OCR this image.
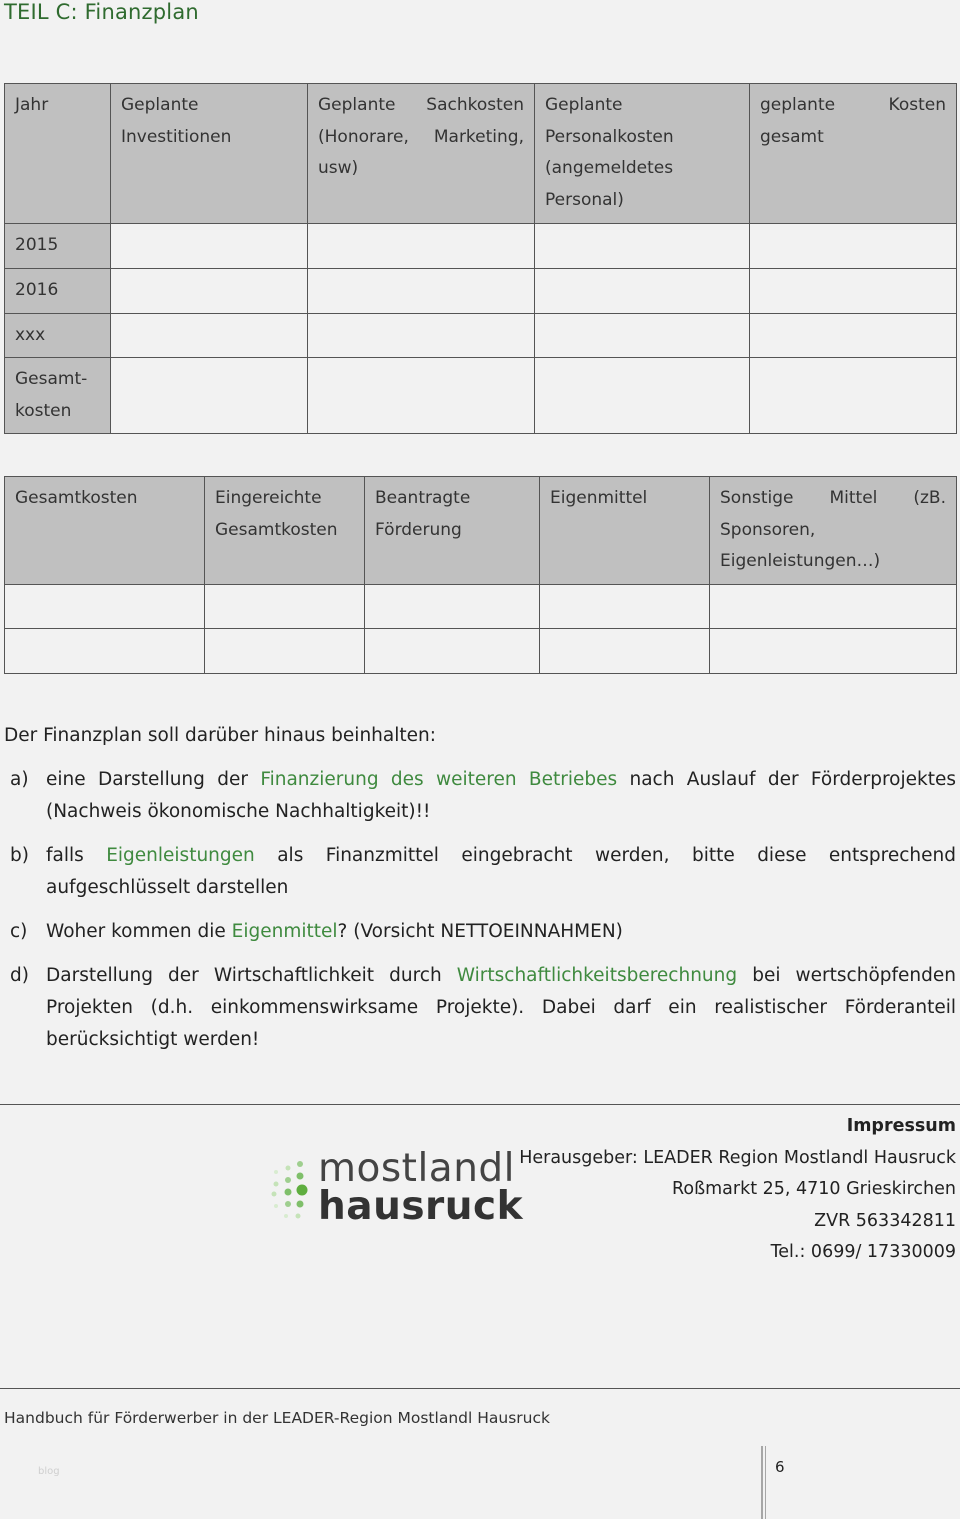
TEIL C: Finanzplan
Jahr	Geplante Investitionen	Geplante Sachkosten (Honorare, Marketing, usw)	Geplante Personalkosten (angemeldetes Personal)	geplante Kosten gesamt
2015				
2016				
xxx				
Gesamt-
kosten				
Gesamtkosten	Eingereichte Gesamtkosten	Beantragte Förderung	Eigenmittel	Sonstige Mittel (zB. Sponsoren, Eigenleistungen…)

Der Finanzplan soll darüber hinaus beinhalten:
a) eine Darstellung der Finanzierung des weiteren Betriebes nach Auslauf der Förderprojektes (Nachweis ökonomische Nachhaltigkeit)!!
b) falls Eigenleistungen als Finanzmittel eingebracht werden, bitte diese entsprechend aufgeschlüsselt darstellen
c) Woher kommen die Eigenmittel? (Vorsicht NETTOEINNAHMEN)
d) Darstellung der Wirtschaftlichkeit durch Wirtschaftlichkeitsberechnung bei wertschöpfenden Projekten (d.h. einkommenswirksame Projekte). Dabei darf ein realistischer Förderanteil berücksichtigt werden!
mostlandl
hausruck
Impressum
Herausgeber: LEADER Region Mostlandl Hausruck
Roßmarkt 25, 4710 Grieskirchen
ZVR 563342811
Tel.: 0699/ 17330009
Handbuch für Förderwerber in der LEADER-Region Mostlandl Hausruck
blog	6
